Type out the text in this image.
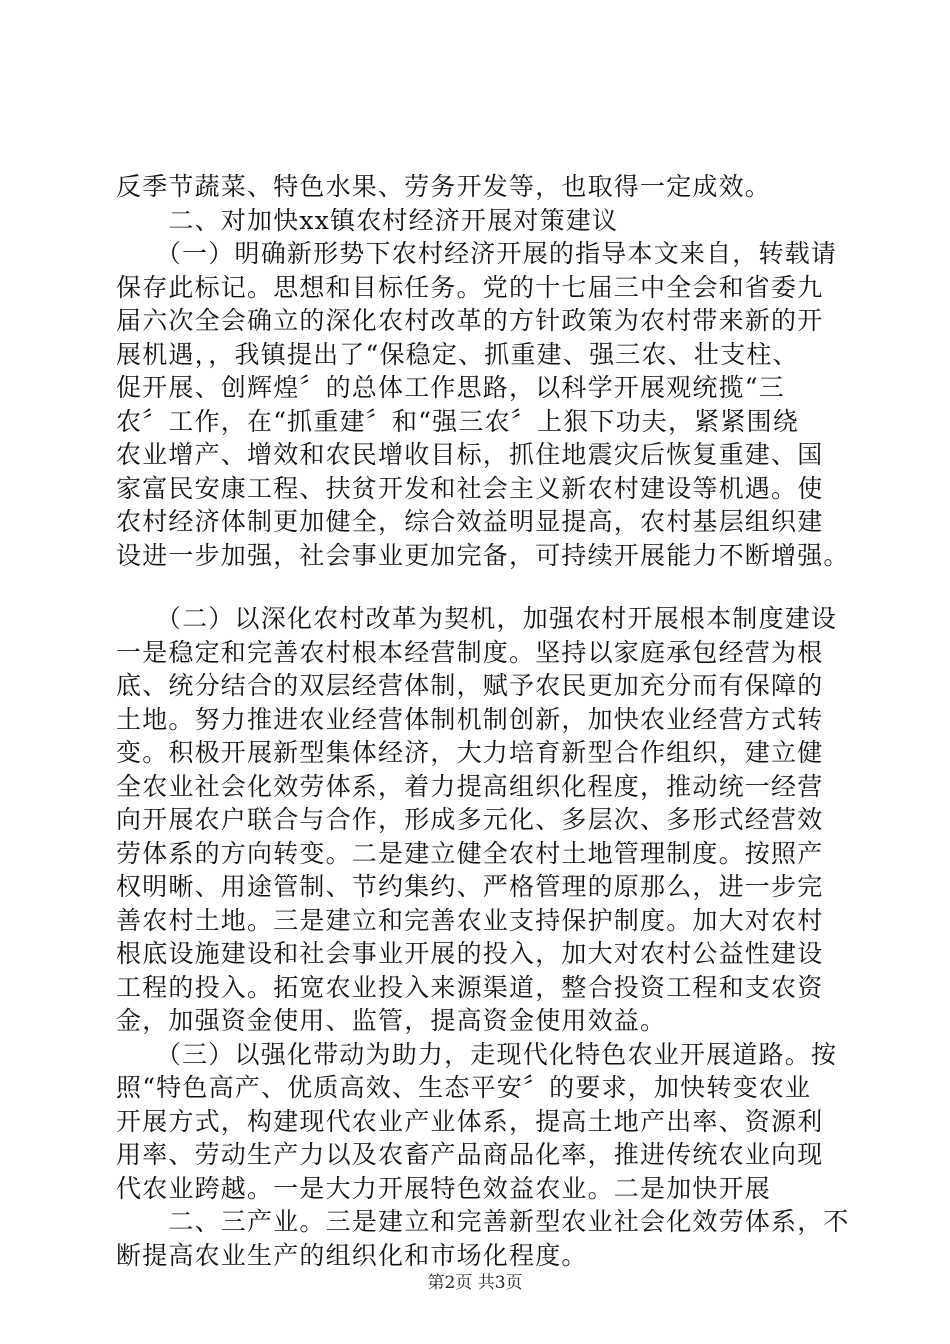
反季节蔬菜、特色水果、劳务开发等，也取得一定成效。
　　二、对加快xx镇农村经济开展对策建议
　　（一）明确新形势下农村经济开展的指导本文来自，转载请
保存此标记。思想和目标任务。党的十七届三中全会和省委九
届六次全会确立的深化农村改革的方针政策为农村带来新的开
展机遇，，我镇提出了“保稳定、抓重建、强三农、壮支柱、
促开展、创辉煌〞的总体工作思路，以科学开展观统揽“三
农〞工作，在“抓重建〞和“强三农〞上狠下功夫，紧紧围绕
农业增产、增效和农民增收目标，抓住地震灾后恢复重建、国
家富民安康工程、扶贫开发和社会主义新农村建设等机遇。使
农村经济体制更加健全，综合效益明显提高，农村基层组织建
设进一步加强，社会事业更加完备，可持续开展能力不断增强。
　　（二）以深化农村改革为契机，加强农村开展根本制度建设
一是稳定和完善农村根本经营制度。坚持以家庭承包经营为根
底、统分结合的双层经营体制，赋予农民更加充分而有保障的
土地。努力推进农业经营体制机制创新，加快农业经营方式转
变。积极开展新型集体经济，大力培育新型合作组织，建立健
全农业社会化效劳体系，着力提高组织化程度，推动统一经营
向开展农户联合与合作，形成多元化、多层次、多形式经营效
劳体系的方向转变。二是建立健全农村土地管理制度。按照产
权明晰、用途管制、节约集约、严格管理的原那么，进一步完
善农村土地。三是建立和完善农业支持保护制度。加大对农村
根底设施建设和社会事业开展的投入，加大对农村公益性建设
工程的投入。拓宽农业投入来源渠道，整合投资工程和支农资
金，加强资金使用、监管，提高资金使用效益。
　　（三）以强化带动为助力，走现代化特色农业开展道路。按
照“特色高产、优质高效、生态平安〞的要求，加快转变农业
开展方式，构建现代农业产业体系，提高土地产出率、资源利
用率、劳动生产力以及农畜产品商品化率，推进传统农业向现
代农业跨越。一是大力开展特色效益农业。二是加快开展
　　二、三产业。三是建立和完善新型农业社会化效劳体系，不
断提高农业生产的组织化和市场化程度。
第2页 共3页
